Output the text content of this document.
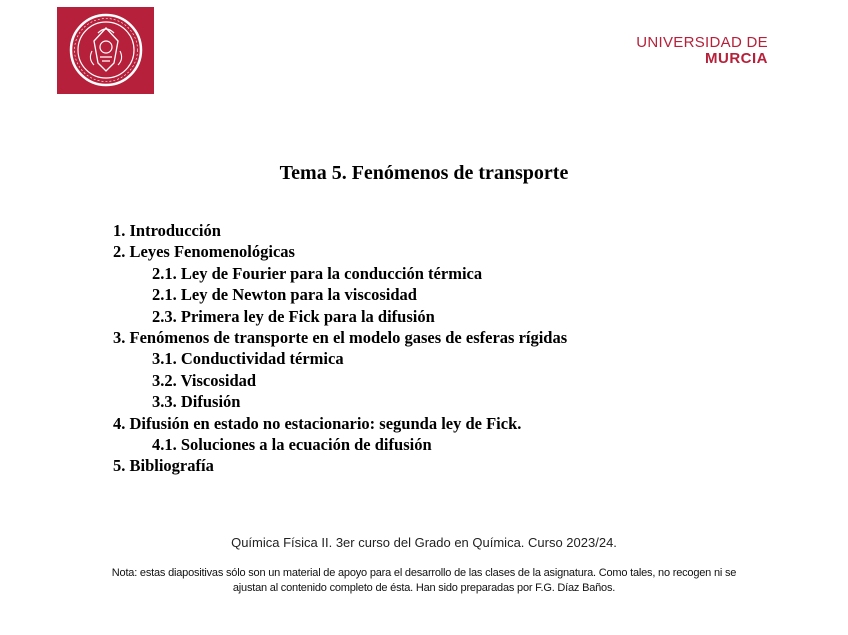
UNIVERSIDAD DE
MURCIA
Tema 5. Fenómenos de transporte
1. Introducción
2. Leyes Fenomenológicas
2.1. Ley de Fourier para la conducción térmica
2.1. Ley de Newton para la viscosidad
2.3. Primera ley de Fick para la difusión
3. Fenómenos de transporte en el modelo gases de esferas rígidas
3.1. Conductividad térmica
3.2. Viscosidad
3.3. Difusión
4. Difusión en estado no estacionario: segunda ley de Fick.
4.1. Soluciones a la ecuación de difusión
5. Bibliografía
Química Física II. 3er curso del Grado en Química. Curso 2023/24.
Nota: estas diapositivas sólo son un material de apoyo para el desarrollo de las clases de la asignatura. Como tales, no recogen ni se ajustan al contenido completo de ésta. Han sido preparadas por F.G. Díaz Baños.
